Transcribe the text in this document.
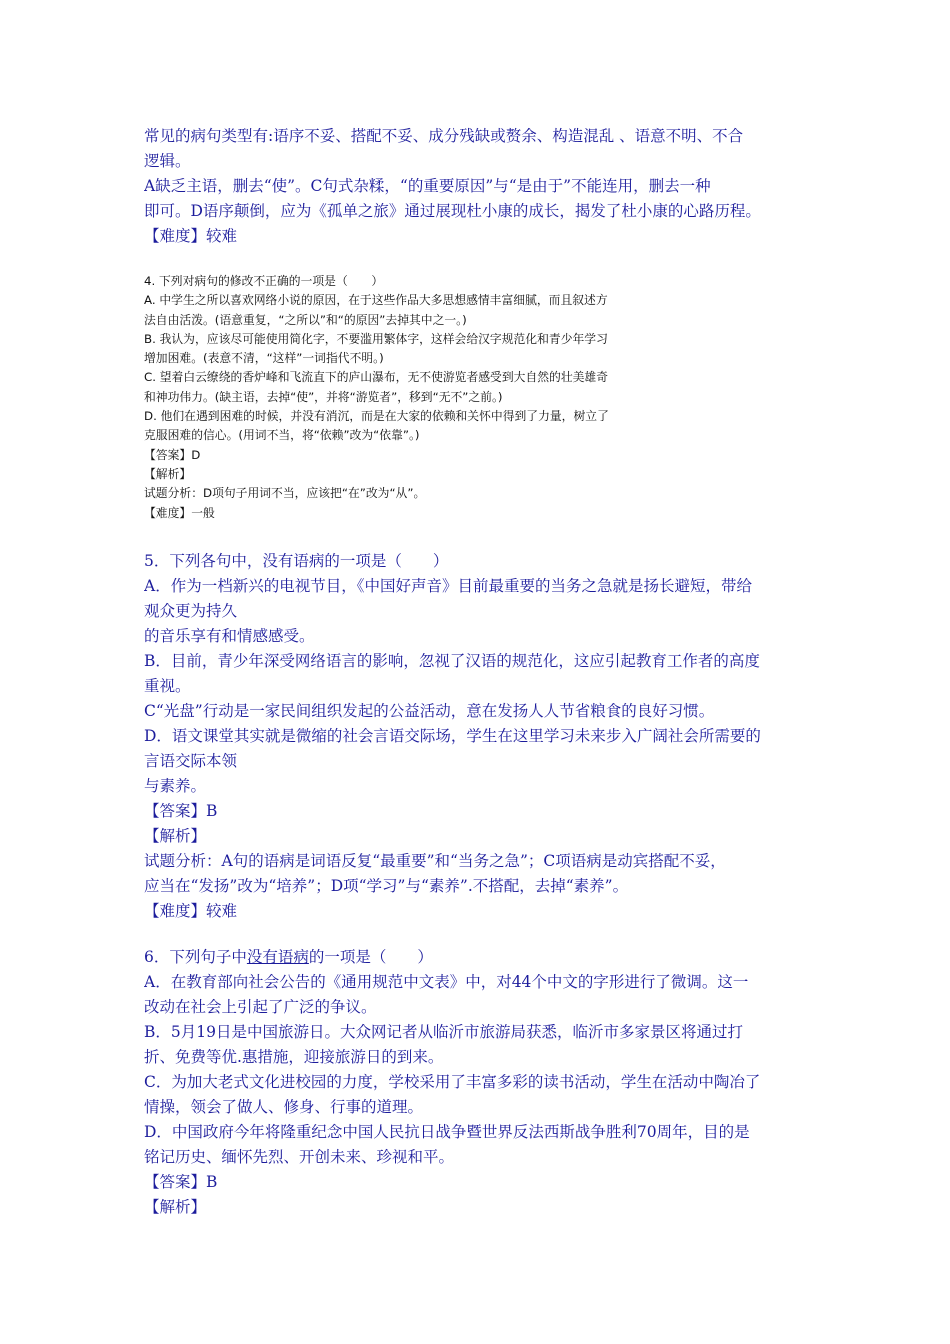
常见的病句类型有:语序不妥、搭配不妥、成分残缺或赘余、构造混乱 、语意不明、不合
逻辑。
A缺乏主语，删去“使”。C句式杂糅，“的重要原因”与“是由于”不能连用，删去一种
即可。D语序颠倒，应为《孤单之旅》通过展现杜小康的成长，揭发了杜小康的心路历程。
【难度】较难
4. 下列对病句的修改不正确的一项是（　　）
A. 中学生之所以喜欢网络小说的原因，在于这些作品大多思想感情丰富细腻，而且叙述方
法自由活泼。(语意重复，“之所以”和“的原因”去掉其中之一。)
B. 我认为，应该尽可能使用简化字，不要滥用繁体字，这样会给汉字规范化和青少年学习
增加困难。(表意不清，“这样”一词指代不明。)
C. 望着白云缭绕的香炉峰和飞流直下的庐山瀑布，无不使游览者感受到大自然的壮美雄奇
和神功伟力。(缺主语，去掉“使”，并将“游览者”，移到“无不”之前。)
D. 他们在遇到困难的时候，并没有消沉，而是在大家的依赖和关怀中得到了力量，树立了
克服困难的信心。(用词不当，将“依赖”改为“依靠”。)
【答案】D
【解析】
试题分析：D项句子用词不当，应该把“在”改为“从”。
【难度】一般
5．下列各句中，没有语病的一项是（　　）
A．作为一档新兴的电视节目，《中国好声音》目前最重要的当务之急就是扬长避短，带给
观众更为持久
的音乐享有和情感感受。
B．目前，青少年深受网络语言的影响，忽视了汉语的规范化，这应引起教育工作者的高度
重视。
C“光盘”行动是一家民间组织发起的公益活动，意在发扬人人节省粮食的良好习惯。
D．语文课堂其实就是微缩的社会言语交际场，学生在这里学习未来步入广阔社会所需要的
言语交际本领
与素养。
【答案】B
【解析】
试题分析：A句的语病是词语反复“最重要”和“当务之急”；C项语病是动宾搭配不妥，
应当在“发扬”改为“培养”；D项“学习”与“素养”.不搭配，去掉“素养”。
【难度】较难
6．下列句子中没有语病的一项是（　　）
A．在教育部向社会公告的《通用规范中文表》中，对44个中文的字形进行了微调。这一
改动在社会上引起了广泛的争议。
B．5月19日是中国旅游日。大众网记者从临沂市旅游局获悉，临沂市多家景区将通过打
折、免费等优.惠措施，迎接旅游日的到来。
C．为加大老式文化进校园的力度，学校采用了丰富多彩的读书活动，学生在活动中陶冶了
情操，领会了做人、修身、行事的道理。
D．中国政府今年将隆重纪念中国人民抗日战争暨世界反法西斯战争胜利70周年，目的是
铭记历史、缅怀先烈、开创未来、珍视和平。
【答案】B
【解析】
